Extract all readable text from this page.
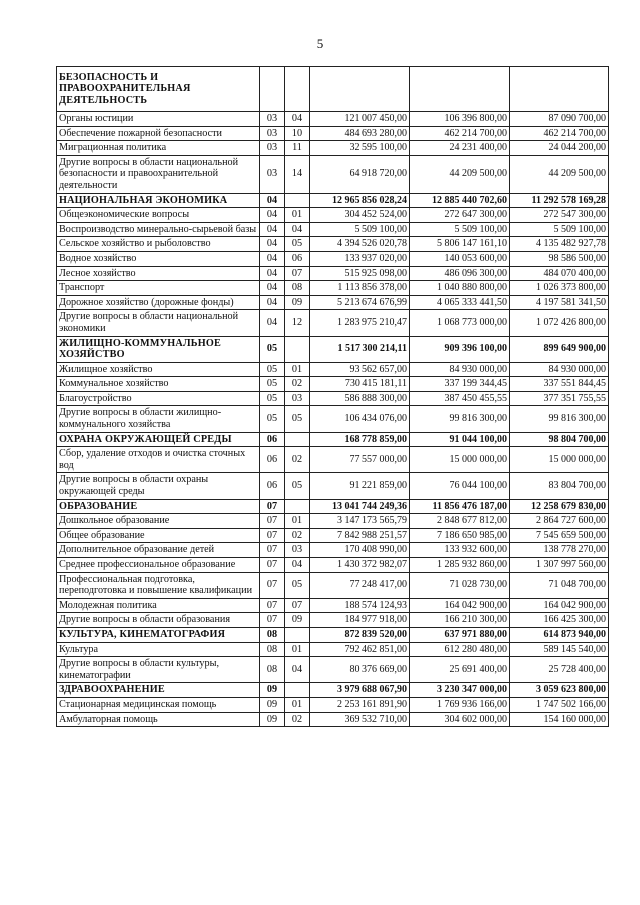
5
БЕЗОПАСНОСТЬ И ПРАВООХРАНИТЕЛЬНАЯ ДЕЯТЕЛЬНОСТЬ					
Органы юстиции	03	04	121 007 450,00	106 396 800,00	87 090 700,00
Обеспечение пожарной безопасности	03	10	484 693 280,00	462 214 700,00	462 214 700,00
Миграционная политика	03	11	32 595 100,00	24 231 400,00	24 044 200,00
Другие вопросы в области национальной безопасности и правоохранительной деятельности	03	14	64 918 720,00	44 209 500,00	44 209 500,00
НАЦИОНАЛЬНАЯ ЭКОНОМИКА	04		12 965 856 028,24	12 885 440 702,60	11 292 578 169,28
Общеэкономические вопросы	04	01	304 452 524,00	272 647 300,00	272 547 300,00
Воспроизводство минерально-сырьевой базы	04	04	5 509 100,00	5 509 100,00	5 509 100,00
Сельское хозяйство и рыболовство	04	05	4 394 526 020,78	5 806 147 161,10	4 135 482 927,78
Водное хозяйство	04	06	133 937 020,00	140 053 600,00	98 586 500,00
Лесное хозяйство	04	07	515 925 098,00	486 096 300,00	484 070 400,00
Транспорт	04	08	1 113 856 378,00	1 040 880 800,00	1 026 373 800,00
Дорожное хозяйство (дорожные фонды)	04	09	5 213 674 676,99	4 065 333 441,50	4 197 581 341,50
Другие вопросы в области национальной экономики	04	12	1 283 975 210,47	1 068 773 000,00	1 072 426 800,00
ЖИЛИЩНО-КОММУНАЛЬНОЕ ХОЗЯЙСТВО	05		1 517 300 214,11	909 396 100,00	899 649 900,00
Жилищное хозяйство	05	01	93 562 657,00	84 930 000,00	84 930 000,00
Коммунальное хозяйство	05	02	730 415 181,11	337 199 344,45	337 551 844,45
Благоустройство	05	03	586 888 300,00	387 450 455,55	377 351 755,55
Другие вопросы в области жилищно-коммунального хозяйства	05	05	106 434 076,00	99 816 300,00	99 816 300,00
ОХРАНА ОКРУЖАЮЩЕЙ СРЕДЫ	06		168 778 859,00	91 044 100,00	98 804 700,00
Сбор, удаление отходов и очистка сточных вод	06	02	77 557 000,00	15 000 000,00	15 000 000,00
Другие вопросы в области охраны окружающей среды	06	05	91 221 859,00	76 044 100,00	83 804 700,00
ОБРАЗОВАНИЕ	07		13 041 744 249,36	11 856 476 187,00	12 258 679 830,00
Дошкольное образование	07	01	3 147 173 565,79	2 848 677 812,00	2 864 727 600,00
Общее образование	07	02	7 842 988 251,57	7 186 650 985,00	7 545 659 500,00
Дополнительное образование детей	07	03	170 408 990,00	133 932 600,00	138 778 270,00
Среднее профессиональное образование	07	04	1 430 372 982,07	1 285 932 860,00	1 307 997 560,00
Профессиональная подготовка, переподготовка и повышение квалификации	07	05	77 248 417,00	71 028 730,00	71 048 700,00
Молодежная политика	07	07	188 574 124,93	164 042 900,00	164 042 900,00
Другие вопросы в области образования	07	09	184 977 918,00	166 210 300,00	166 425 300,00
КУЛЬТУРА, КИНЕМАТОГРАФИЯ	08		872 839 520,00	637 971 880,00	614 873 940,00
Культура	08	01	792 462 851,00	612 280 480,00	589 145 540,00
Другие вопросы в области культуры, кинематографии	08	04	80 376 669,00	25 691 400,00	25 728 400,00
ЗДРАВООХРАНЕНИЕ	09		3 979 688 067,90	3 230 347 000,00	3 059 623 800,00
Стационарная медицинская помощь	09	01	2 253 161 891,90	1 769 936 166,00	1 747 502 166,00
Амбулаторная помощь	09	02	369 532 710,00	304 602 000,00	154 160 000,00
